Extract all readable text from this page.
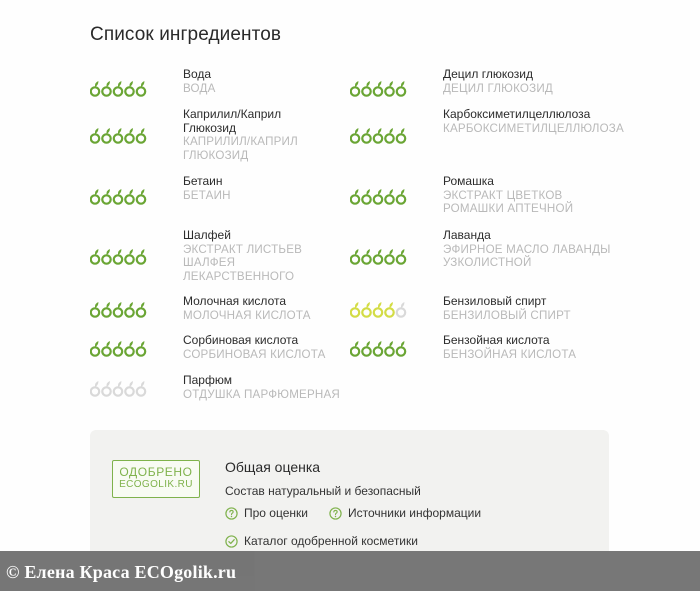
Список ингредиентов
Вода
ВОДА
Децил глюкозид
ДЕЦИЛ ГЛЮКОЗИД
Каприлил/Каприл Глюкозид
КАПРИЛИЛ/КАПРИЛ ГЛЮКОЗИД
Карбоксиметилцеллюлоза
КАРБОКСИМЕТИЛЦЕЛЛЮЛОЗА
Бетаин
БЕТАИН
Ромашка
ЭКСТРАКТ ЦВЕТКОВ РОМАШКИ АПТЕЧНОЙ
Шалфей
ЭКСТРАКТ ЛИСТЬЕВ ШАЛФЕЯ ЛЕКАРСТВЕННОГО
Лаванда
ЭФИРНОЕ МАСЛО ЛАВАНДЫ УЗКОЛИСТНОЙ
Молочная кислота
МОЛОЧНАЯ КИСЛОТА
Бензиловый спирт
БЕНЗИЛОВЫЙ СПИРТ
Сорбиновая кислота
СОРБИНОВАЯ КИСЛОТА
Бензойная кислота
БЕНЗОЙНАЯ КИСЛОТА
Парфюм
ОТДУШКА ПАРФЮМЕРНАЯ
ОДОБРЕНО
ECOGOLIK.RU
Общая оценка
Состав натуральный и безопасный
Про оценки	Источники информации
Каталог одобренной косметики
© Елена Краса ECOgolik.ru
